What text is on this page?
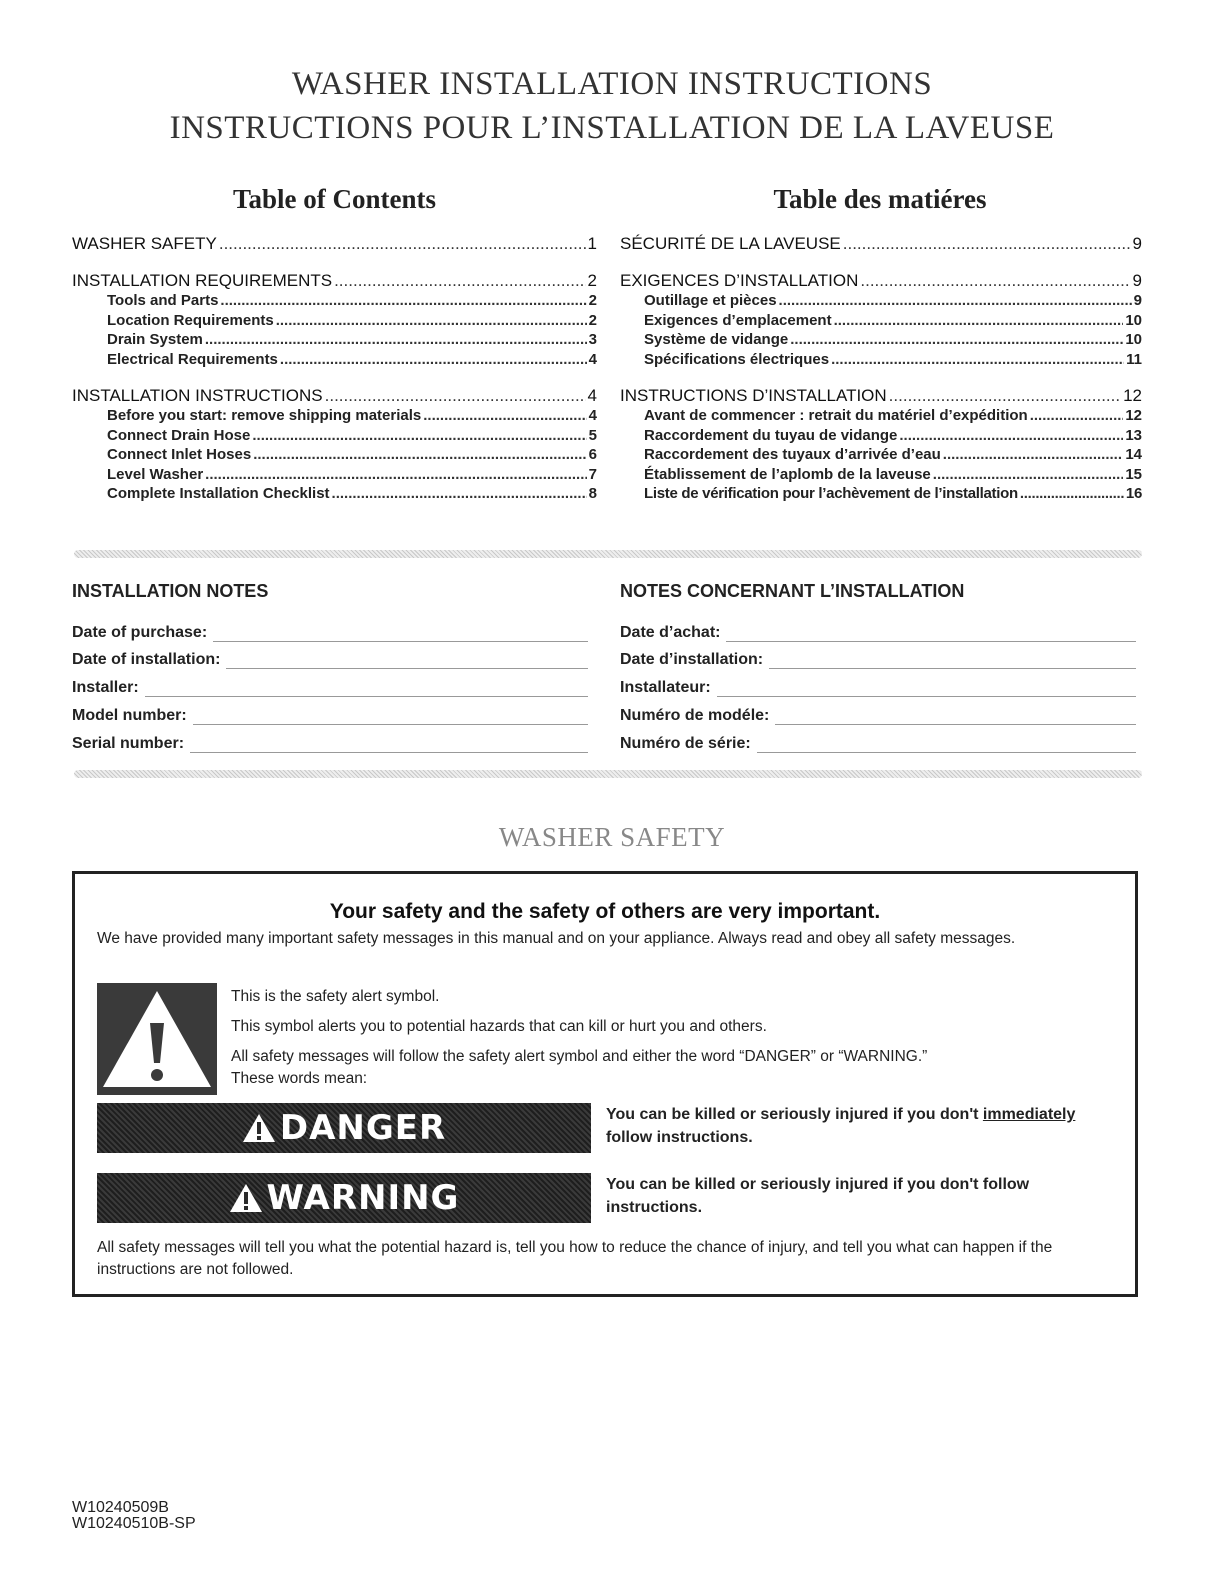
WASHER INSTALLATION INSTRUCTIONS
INSTRUCTIONS POUR L’INSTALLATION DE LA LAVEUSE
Table of Contents	Table des matiéres
WASHER SAFETY .....	1
INSTALLATION REQUIREMENTS .....	2
Tools and Parts .....	2
Location Requirements .....	2
Drain System .....	3
Electrical Requirements .....	4
INSTALLATION INSTRUCTIONS .....	4
Before you start: remove shipping materials .....	4
Connect Drain Hose .....	5
Connect Inlet Hoses .....	6
Level Washer .....	7
Complete Installation Checklist .....	8
SÉCURITÉ DE LA LAVEUSE .....	9
EXIGENCES D’INSTALLATION .....	9
Outillage et pièces .....	9
Exigences d’emplacement .....	10
Système de vidange .....	10
Spécifications électriques .....	11
INSTRUCTIONS D’INSTALLATION .....	12
Avant de commencer : retrait du matériel d’expédition .....	12
Raccordement du tuyau de vidange .....	13
Raccordement des tuyaux d’arrivée d’eau .....	14
Établissement de l’aplomb de la laveuse .....	15
Liste de vérification pour l’achèvement de l’installation .....	16
INSTALLATION NOTES	NOTES CONCERNANT L’INSTALLATION
Date of purchase:
Date of installation:
Installer:
Model number:
Serial number:
Date d’achat:
Date d’installation:
Installateur:
Numéro de modéle:
Numéro de série:
WASHER SAFETY
Your safety and the safety of others are very important.
We have provided many important safety messages in this manual and on your appliance. Always read and obey all safety messages.
This is the safety alert symbol.
This symbol alerts you to potential hazards that can kill or hurt you and others.
All safety messages will follow the safety alert symbol and either the word “DANGER” or “WARNING.”
These words mean:
DANGER	You can be killed or seriously injured if you don't immediately
follow instructions.
WARNING	You can be killed or seriously injured if you don't follow instructions.
All safety messages will tell you what the potential hazard is, tell you how to reduce the chance of injury, and tell you what can happen if the instructions are not followed.
W10240509B
W10240510B-SP
